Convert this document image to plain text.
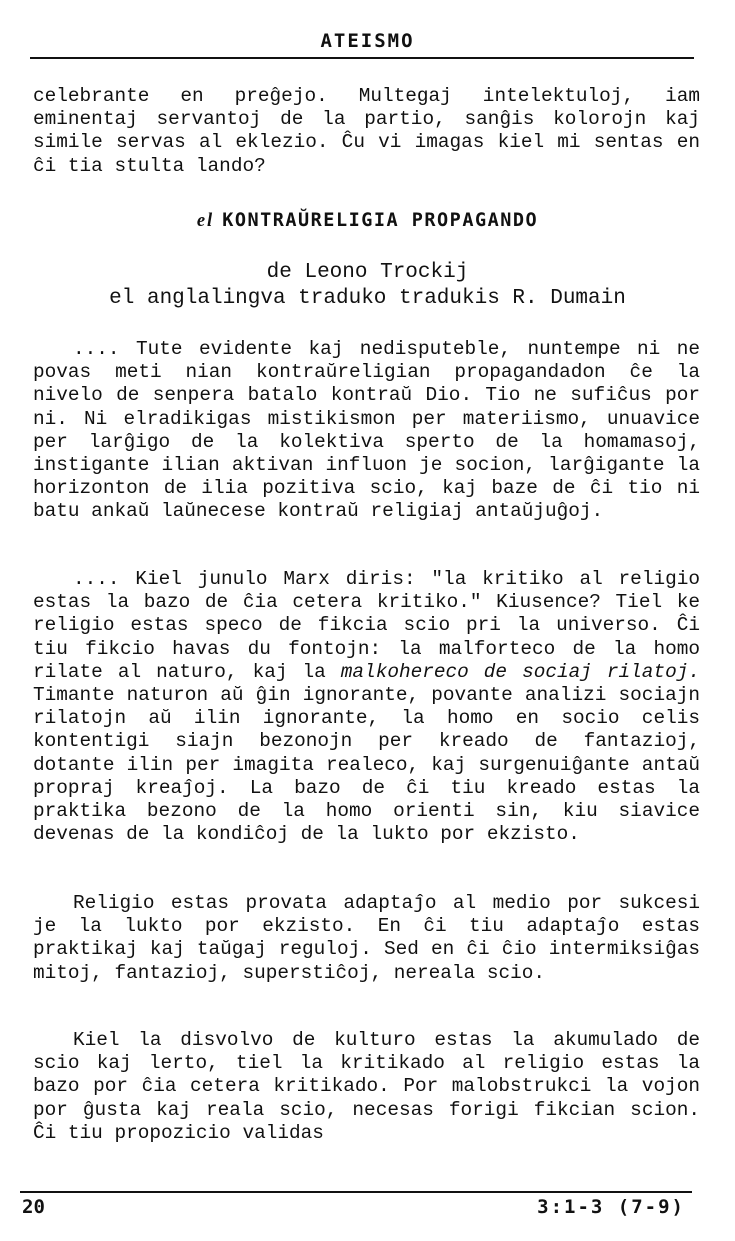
ATEISMO

celebrante en preĝejo. Multegaj intelektuloj, iam eminentaj servantoj de la partio, sanĝis kolorojn kaj simile servas al eklezio. Ĉu vi imagas kiel mi sentas en ĉi tia stulta lando?

el KONTRAŬRELIGIA PROPAGANDO
de Leono Trockij
el anglalingva traduko tradukis R. Dumain

.... Tute evidente kaj nedisputeble, nuntempe ni ne povas meti nian kontraŭreligian propagandadon ĉe la nivelo de senpera batalo kontraŭ Dio. Tio ne sufiĉus por ni. Ni elradikigas mistikismon per materiismo, unuavice per larĝigo de la kolektiva sperto de la homamasoj, instigante ilian aktivan influon je socion, larĝigante la horizonton de ilia pozitiva scio, kaj baze de ĉi tio ni batu ankaŭ laŭnecese kontraŭ religiaj antaŭjuĝoj.

.... Kiel junulo Marx diris: "la kritiko al religio estas la bazo de ĉia cetera kritiko." Kiusence? Tiel ke religio estas speco de fikcia scio pri la universo. Ĉi tiu fikcio havas du fontojn: la malforteco de la homo rilate al naturo, kaj la malkohereco de sociaj rilatoj. Timante naturon aŭ ĝin ignorante, povante analizi sociajn rilatojn aŭ ilin ignorante, la homo en socio celis kontentigi siajn bezonojn per kreado de fantazioj, dotante ilin per imagita realeco, kaj surgenuiĝante antaŭ propraj kreaĵoj. La bazo de ĉi tiu kreado estas la praktika bezono de la homo orienti sin, kiu siavice devenas de la kondiĉoj de la lukto por ekzisto.

Religio estas provata adaptaĵo al medio por sukcesi je la lukto por ekzisto. En ĉi tiu adaptaĵo estas praktikaj kaj taŭgaj reguloj. Sed en ĉi ĉio intermiksiĝas mitoj, fantazioj, superstiĉoj, nereala scio.

Kiel la disvolvo de kulturo estas la akumulado de scio kaj lerto, tiel la kritikado al religio estas la bazo por ĉia cetera kritikado. Por malobstrukci la vojon por ĝusta kaj reala scio, necesas forigi fikcian scion. Ĉi tiu propozicio validas

20	3:1-3 (7-9)
